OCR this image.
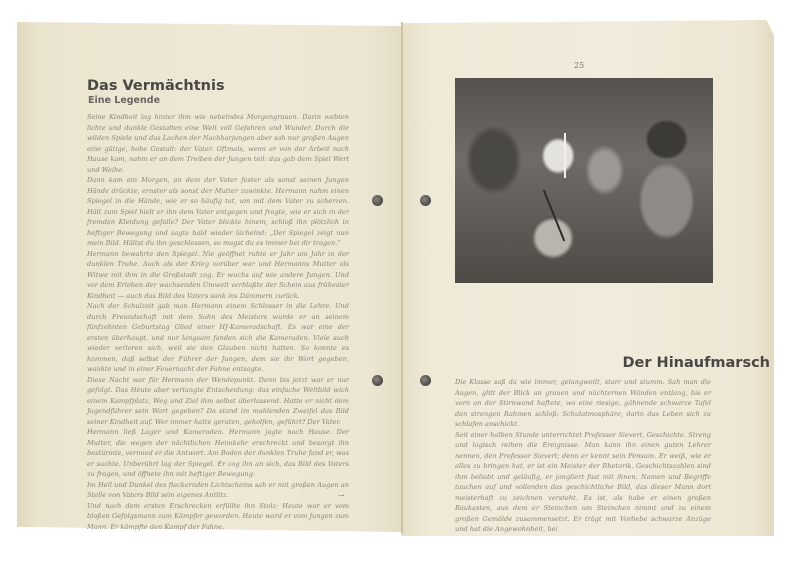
Das Vermächtnis
Eine Legende

Seine Kindheit lag hinter ihm wie nebelndes Morgengrauen. Darin webten lichte und dunkle Gestalten eine Welt voll Gefahren und Wunder. Durch die wilden Spiele und das Lachen der Nachbarjungen aber sah nur großen Augen eine gütige, hohe Gestalt: der Vater. Oftmals, wenn er von der Arbeit nach Hause kam, nahm er an dem Treiben der Jungen teil: das gab dem Spiel Wert und Weihe.

Dann kam ein Morgen, an dem der Vater fester als sonst seinen Jungen Hände drückte, ernster als sonst der Mutter zuwinkte. Hermann nahm einen Spiegel in die Hände, wie er so häufig tat, um mit dem Vater zu scherzen. Hält zum Spiel hielt er ihn dem Vater entgegen und fragte, wie er sich in der fremden Kleidung gefalle? Der Vater blickte hinein, schloß ihn plötzlich in heftiger Bewegung und sagte bald wieder lächelnd: „Der Spiegel zeigt nun mein Bild. Hältst du ihn geschlossen, so magst du es immer bei dir tragen.“

Hermann bewahrte den Spiegel. Nie geöffnet ruhte er Jahr um Jahr in der dunklen Truhe. Auch als der Krieg vorüber war und Hermanns Mutter als Witwe mit ihm in die Großstadt zog. Er wuchs auf wie andere Jungen. Und vor dem Erleben der wachsenden Umwelt verblaßte der Schein aus frühester Kindheit — auch das Bild des Vaters sank ins Dämmern zurück.

Nach der Schulzeit gab man Hermann einem Schlosser in die Lehre. Und durch Freundschaft mit dem Sohn des Meisters wurde er an seinem fünfzehnten Geburtstag Glied einer HJ-Kameradschaft. Es war eine der ersten überhaupt, und nur langsam fanden sich die Kameraden. Viele auch wieder verloren sich, weil sie den Glauben nicht hatten. So konnte es kommen, daß selbst der Führer der Jungen, dem sie ihr Wort gegeben, wankte und in einer Feuernacht der Fahne entsagte.

Diese Nacht war für Hermann der Wendepunkt. Denn bis jetzt war er nur gefolgt. Das Heute aber verlangte Entscheidung: das einfache Weltbild wich einem Kampfplatz, Weg und Ziel ihm selbst überlassend. Hatte er nicht dem Jugendführer sein Wort gegeben? Da stand im mahlenden Zweifel das Bild seiner Kindheit auf. Wer immer hatte geraten, geholfen, geführt? Der Vater.

Hermann ließ Lager und Kameraden. Hermann jagte nach Hause. Der Mutter, die wegen der nächtlichen Heimkehr erschreckt und besorgt ihn bestürmte, vermied er die Antwort. Am Boden der dunklen Truhe fand er, was er suchte. Unberührt lag der Spiegel. Er zog ihn an sich, das Bild des Vaters zu fragen, und öffnete ihn mit heftiger Bewegung:

Im Hell und Dunkel des flackernden Lichtscheins sah er mit großen Augen an Stelle von Vaters Bild sein eigenes Antlitz.

Und nach dem ersten Erschrecken erfüllte ihn Stolz: Heute war er vom bloßen Gefolgsmann zum Kämpfer geworden. Heute ward er vom Jungen zum Mann. Er kämpfte den Kampf der Fahne.

→
25
Der Hinaufmarsch

Die Klasse saß da wie immer, gelangweilt, starr und stumm. Sah man die Augen, glitt der Blick an grauen und nüchternen Wänden entlang, bis er vorn an der Stirnwand haftete, wo eine riesige, gähnende schwarze Tafel den strengen Rahmen schloß: Schulatmosphäre, darin das Leben sich zu schlafen anschickt.

Seit einer halben Stunde unterrichtet Professor Sievert, Geschichte. Streng und logisch reihen die Ereignisse. Man kann ihn einen guten Lehrer nennen, den Professor Sievert; denn er kennt sein Pensum. Er weiß, wie er alles zu bringen hat, er ist ein Meister der Rhetorik. Geschichtszahlen sind ihm beliebt und geläufig, er jongliert fast mit ihnen. Namen und Begriffe tauchen auf und vollenden das geschichtliche Bild, das dieser Mann dort meisterhaft zu zeichnen versteht. Es ist, als habe er einen großen Baukasten, aus dem er Steinchen um Steinchen nimmt und zu einem großen Gemälde zusammensetzt. Er trägt mit Vorliebe schwarze Anzüge und hat die Angewohnheit, bei
